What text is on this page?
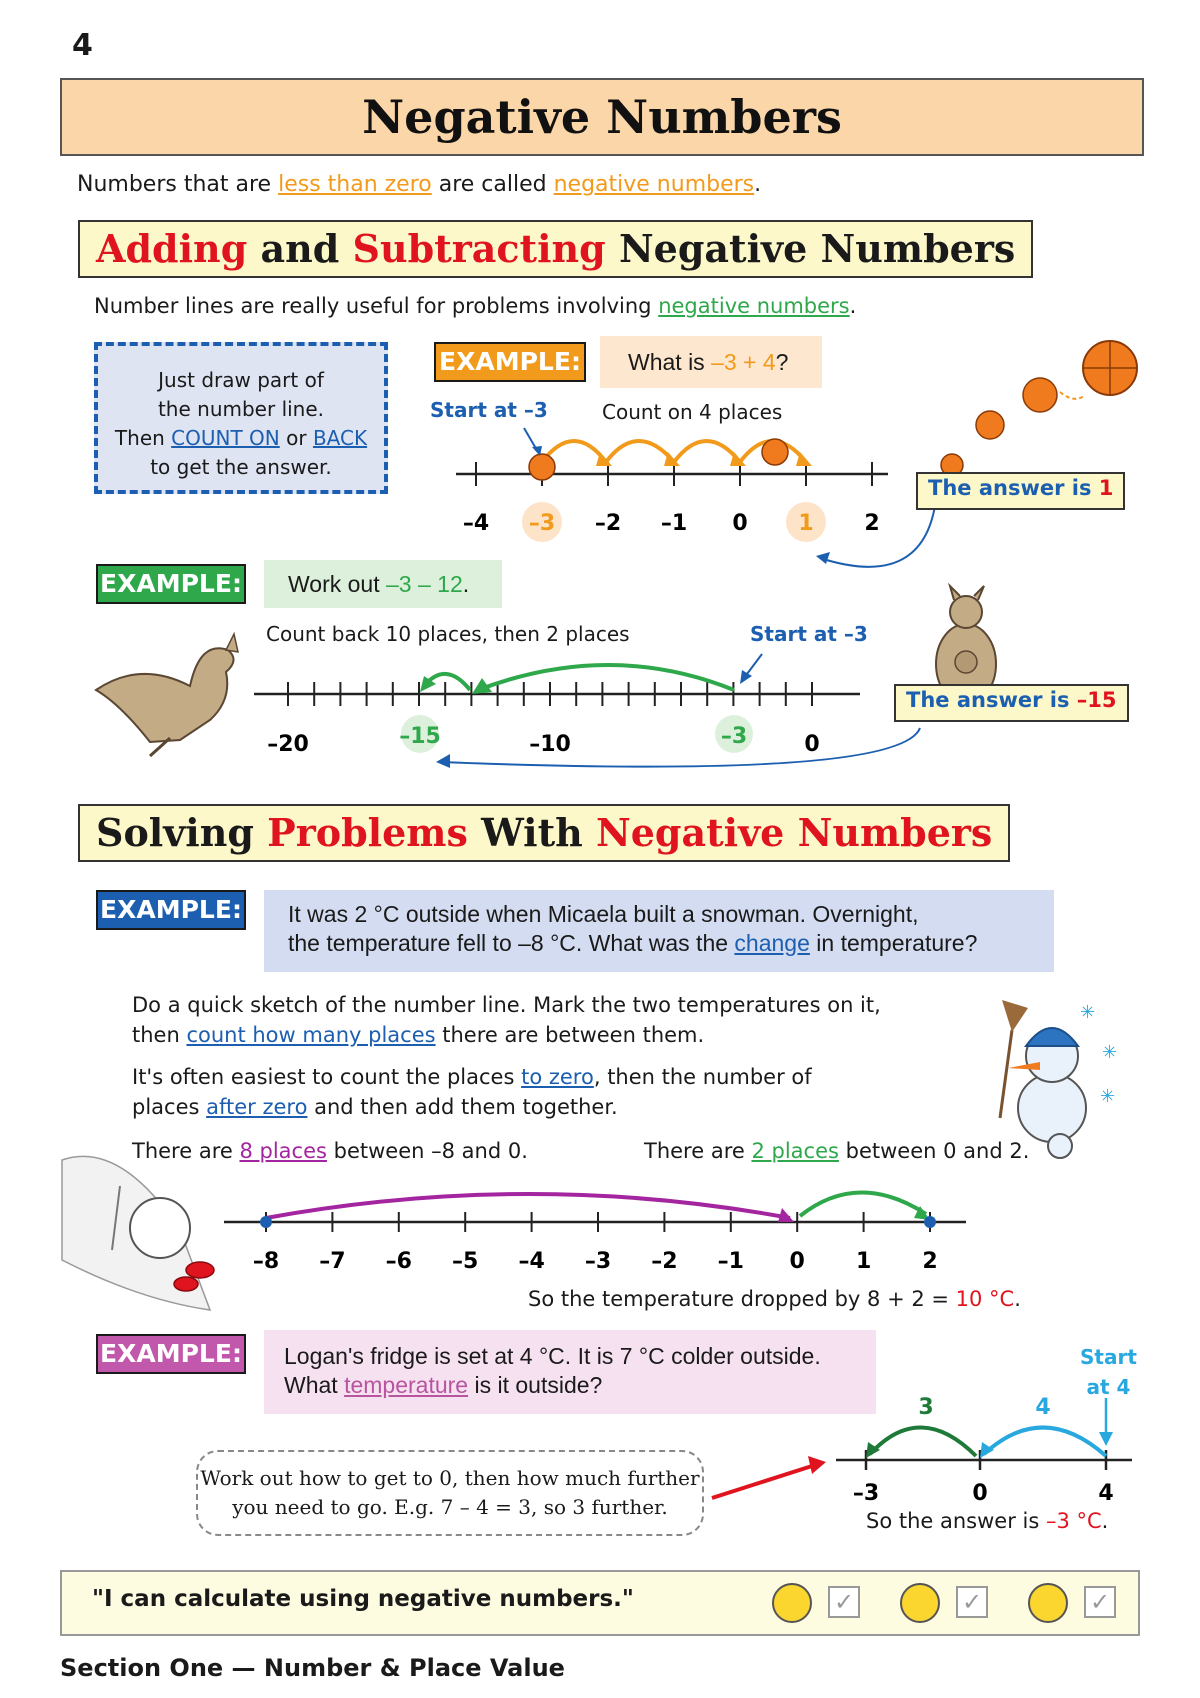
4
Negative Numbers
Numbers that are less than zero are called negative numbers.
Adding and Subtracting Negative Numbers
Number lines are really useful for problems involving negative numbers.
Just draw part of
the number line.
Then COUNT ON or BACK
to get the answer.
EXAMPLE:	What is –3 + 4?
–4 –3 –2 –1 0 1 2
–20	–15	–10	–3	0
–8 –7 –6 –5 –4 –3 –2 –1 0 1 2
–3	0	4
3	4
✳
✳
✳
Start at –3	Count on 4 places
The answer is 1
EXAMPLE:	Work out –3 – 12.
Count back 10 places, then 2 places	Start at –3
The answer is –15
Solving Problems With Negative Numbers
EXAMPLE: It was 2 °C outside when Micaela built a snowman. Overnight,
the temperature fell to –8 °C. What was the change in temperature?
Do a quick sketch of the number line. Mark the two temperatures on it,
then count how many places there are between them.
It's often easiest to count the places to zero, then the number of
places after zero and then add them together.
There are 8 places between –8 and 0.	There are 2 places between 0 and 2.
So the temperature dropped by 8 + 2 = 10 °C.
EXAMPLE: Logan's fridge is set at 4 °C. It is 7 °C colder outside.
What temperature is it outside?
Start
at 4
Work out how to get to 0, then how much further
you need to go. E.g. 7 – 4 = 3, so 3 further.
So the answer is –3 °C.
"I can calculate using negative numbers."	✓	✓	✓
Section One — Number & Place Value
